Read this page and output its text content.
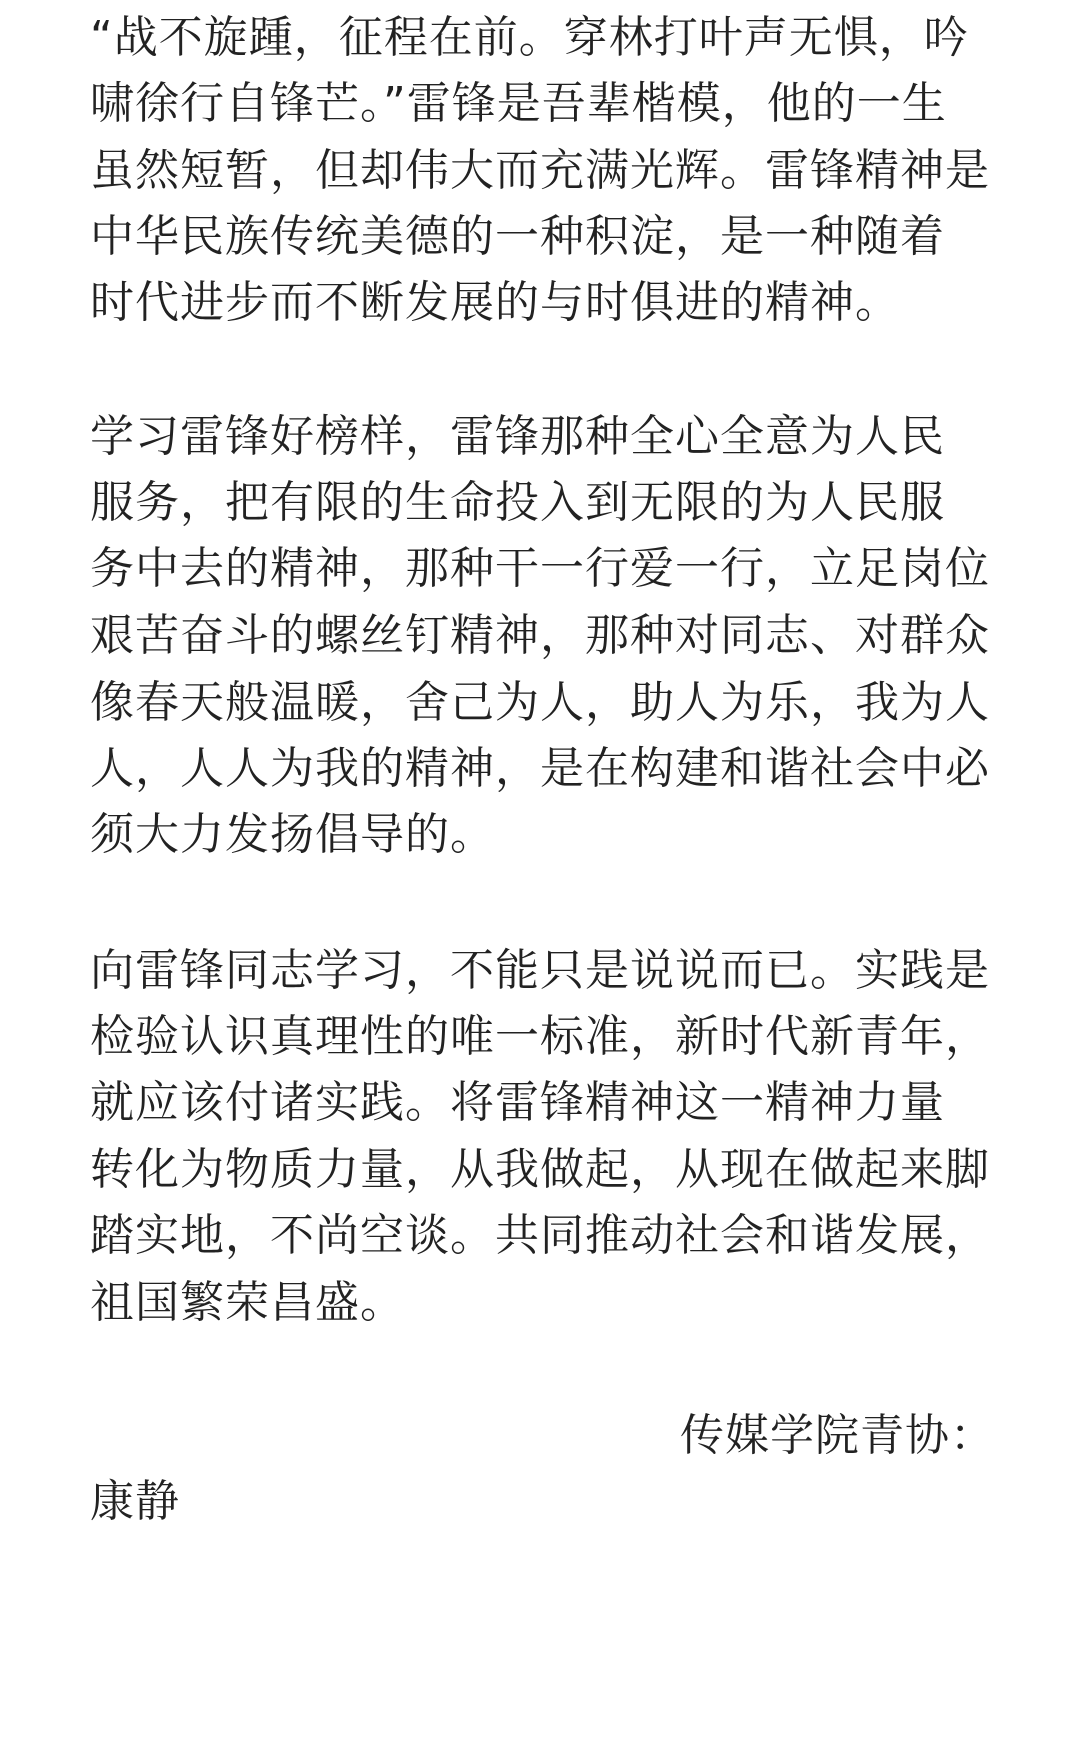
“战不旋踵，征程在前。穿林打叶声无惧，吟
啸徐行自锋芒。”雷锋是吾辈楷模，他的一生
虽然短暂，但却伟大而充满光辉。雷锋精神是
中华民族传统美德的一种积淀，是一种随着
时代进步而不断发展的与时俱进的精神。
学习雷锋好榜样，雷锋那种全心全意为人民
服务，把有限的生命投入到无限的为人民服
务中去的精神，那种干一行爱一行，立足岗位
艰苦奋斗的螺丝钉精神，那种对同志、对群众
像春天般温暖，舍己为人，助人为乐，我为人
人，人人为我的精神，是在构建和谐社会中必
须大力发扬倡导的。
向雷锋同志学习，不能只是说说而已。实践是
检验认识真理性的唯一标准，新时代新青年，
就应该付诸实践。将雷锋精神这一精神力量
转化为物质力量，从我做起，从现在做起来脚
踏实地，不尚空谈。共同推动社会和谐发展，
祖国繁荣昌盛。
传媒学院青协：
康静
